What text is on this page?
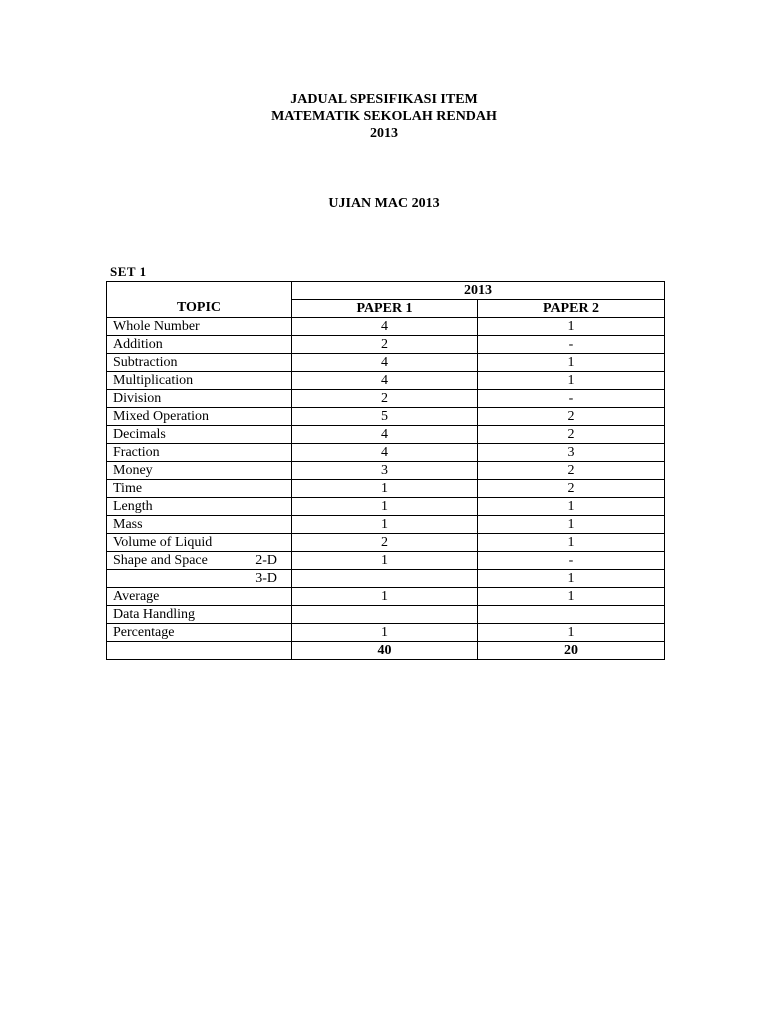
JADUAL SPESIFIKASI ITEM
MATEMATIK SEKOLAH RENDAH
2013
UJIAN MAC 2013
SET 1
TOPIC	2013	
	PAPER 1	PAPER 2
Whole Number	4	1
Addition	2	-
Subtraction	4	1
Multiplication	4	1
Division	2	-
Mixed Operation	5	2
Decimals	4	2
Fraction	4	3
Money	3	2
Time	1	2
Length	1	1
Mass	1	1
Volume of Liquid	2	1
Shape and Space 2-D	1	-

3-D		1
Average	1	1
Data Handling		
Percentage	1	1
	40	20
